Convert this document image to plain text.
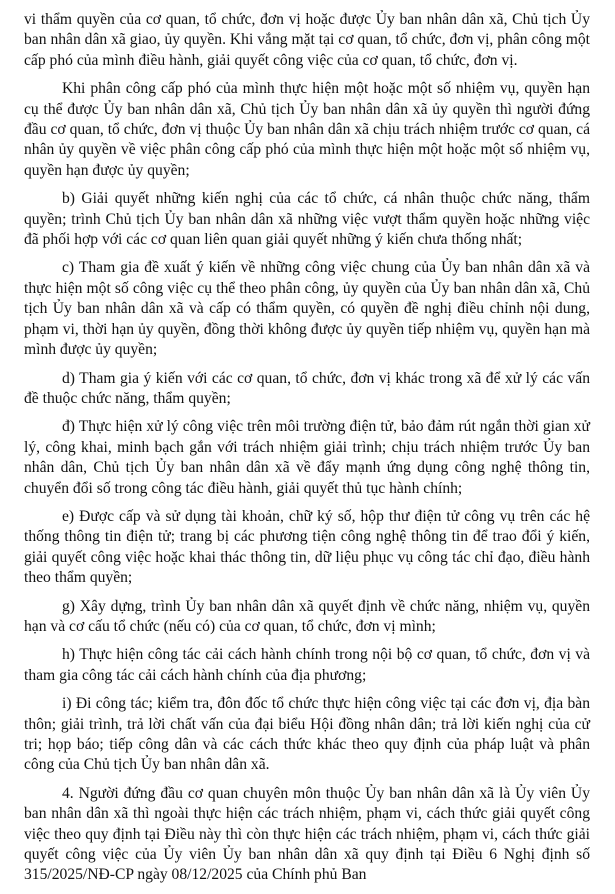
vi thẩm quyền của cơ quan, tổ chức, đơn vị hoặc được Ủy ban nhân dân xã, Chủ tịch Ủy ban nhân dân xã giao, ủy quyền. Khi vắng mặt tại cơ quan, tổ chức, đơn vị, phân công một cấp phó của mình điều hành, giải quyết công việc của cơ quan, tổ chức, đơn vị.

Khi phân công cấp phó của mình thực hiện một hoặc một số nhiệm vụ, quyền hạn cụ thể được Ủy ban nhân dân xã, Chủ tịch Ủy ban nhân dân xã ủy quyền thì người đứng đầu cơ quan, tổ chức, đơn vị thuộc Ủy ban nhân dân xã chịu trách nhiệm trước cơ quan, cá nhân ủy quyền về việc phân công cấp phó của mình thực hiện một hoặc một số nhiệm vụ, quyền hạn được ủy quyền;

b) Giải quyết những kiến nghị của các tổ chức, cá nhân thuộc chức năng, thẩm quyền; trình Chủ tịch Ủy ban nhân dân xã những việc vượt thẩm quyền hoặc những việc đã phối hợp với các cơ quan liên quan giải quyết những ý kiến chưa thống nhất;

c) Tham gia đề xuất ý kiến về những công việc chung của Ủy ban nhân dân xã và thực hiện một số công việc cụ thể theo phân công, ủy quyền của Ủy ban nhân dân xã, Chủ tịch Ủy ban nhân dân xã và cấp có thẩm quyền, có quyền đề nghị điều chỉnh nội dung, phạm vi, thời hạn ủy quyền, đồng thời không được ủy quyền tiếp nhiệm vụ, quyền hạn mà mình được ủy quyền;

d) Tham gia ý kiến với các cơ quan, tổ chức, đơn vị khác trong xã để xử lý các vấn đề thuộc chức năng, thẩm quyền;

đ) Thực hiện xử lý công việc trên môi trường điện tử, bảo đảm rút ngắn thời gian xử lý, công khai, minh bạch gắn với trách nhiệm giải trình; chịu trách nhiệm trước Ủy ban nhân dân, Chủ tịch Ủy ban nhân dân xã về đẩy mạnh ứng dụng công nghệ thông tin, chuyển đổi số trong công tác điều hành, giải quyết thủ tục hành chính;

e) Được cấp và sử dụng tài khoản, chữ ký số, hộp thư điện tử công vụ trên các hệ thống thông tin điện tử; trang bị các phương tiện công nghệ thông tin để trao đổi ý kiến, giải quyết công việc hoặc khai thác thông tin, dữ liệu phục vụ công tác chỉ đạo, điều hành theo thẩm quyền;

g) Xây dựng, trình Ủy ban nhân dân xã quyết định về chức năng, nhiệm vụ, quyền hạn và cơ cấu tổ chức (nếu có) của cơ quan, tổ chức, đơn vị mình;

h) Thực hiện công tác cải cách hành chính trong nội bộ cơ quan, tổ chức, đơn vị và tham gia công tác cải cách hành chính của địa phương;

i) Đi công tác; kiểm tra, đôn đốc tổ chức thực hiện công việc tại các đơn vị, địa bàn thôn; giải trình, trả lời chất vấn của đại biểu Hội đồng nhân dân; trả lời kiến nghị của cử tri; họp báo; tiếp công dân và các cách thức khác theo quy định của pháp luật và phân công của Chủ tịch Ủy ban nhân dân xã.

4. Người đứng đầu cơ quan chuyên môn thuộc Ủy ban nhân dân xã là Ủy viên Ủy ban nhân dân xã thì ngoài thực hiện các trách nhiệm, phạm vi, cách thức giải quyết công việc theo quy định tại Điều này thì còn thực hiện các trách nhiệm, phạm vi, cách thức giải quyết công việc của Ủy viên Ủy ban nhân dân xã quy định tại Điều 6 Nghị định số 315/2025/NĐ-CP ngày 08/12/2025 của Chính phủ Ban
